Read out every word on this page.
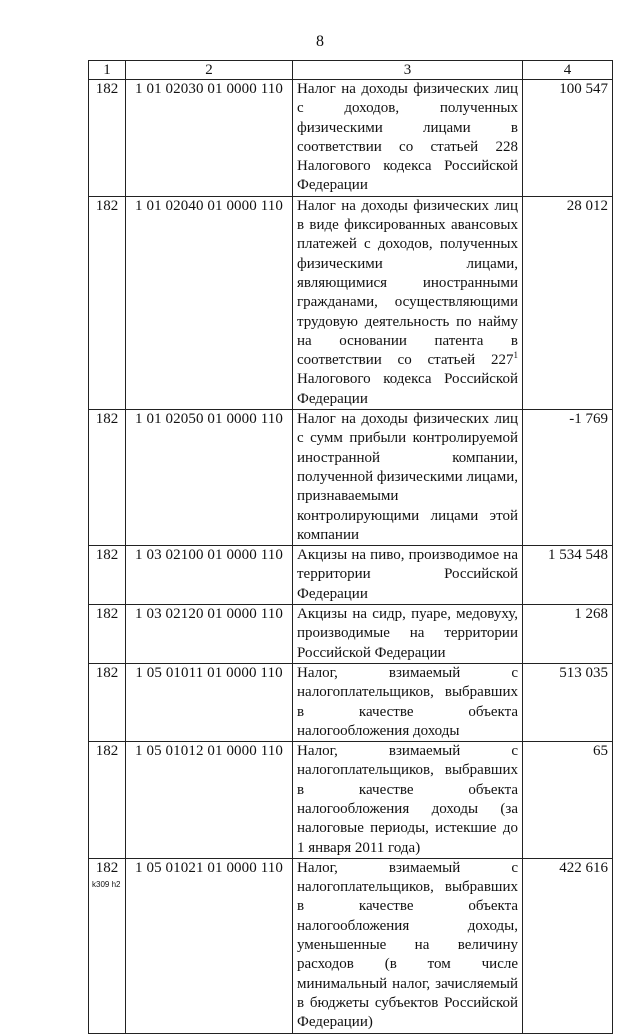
8
1	2	3	4
182	1 01 02030 01 0000 110	Налог на доходы физических лиц с доходов, полученных физическими лицами в соответствии со статьей 228 Налогового кодекса Российской Федерации	100 547
182	1 01 02040 01 0000 110	Налог на доходы физических лиц в виде фиксированных авансовых платежей с доходов, полученных физическими лицами, являющимися иностранными гражданами, осуществляющими трудовую деятельность по найму на основании патента в соответствии со статьей $227^1$ Налогового кодекса Российской Федерации	28 012
182	1 01 02050 01 0000 110	Налог на доходы физических лиц с сумм прибыли контролируемой иностранной компании, полученной физическими лицами, признаваемыми контролирующими лицами этой компании	-1 769
182	1 03 02100 01 0000 110	Акцизы на пиво, производимое на территории Российской Федерации	1 534 548
182	1 03 02120 01 0000 110	Акцизы на сидр, пуаре, медовуху, производимые на территории Российской Федерации	1 268
182	1 05 01011 01 0000 110	Налог, взимаемый с налогоплательщиков, выбравших в качестве объекта налогообложения доходы	513 035
182	1 05 01012 01 0000 110	Налог, взимаемый с налогоплательщиков, выбравших в качестве объекта налогообложения доходы (за налоговые периоды, истекшие до 1 января 2011 года)	65
182	1 05 01021 01 0000 110	Налог, взимаемый с налогоплательщиков, выбравших в качестве объекта налогообложения доходы, уменьшенные на величину расходов (в том числе минимальный налог, зачисляемый в бюджеты субъектов Российской Федерации)	422 616
k309 h2
